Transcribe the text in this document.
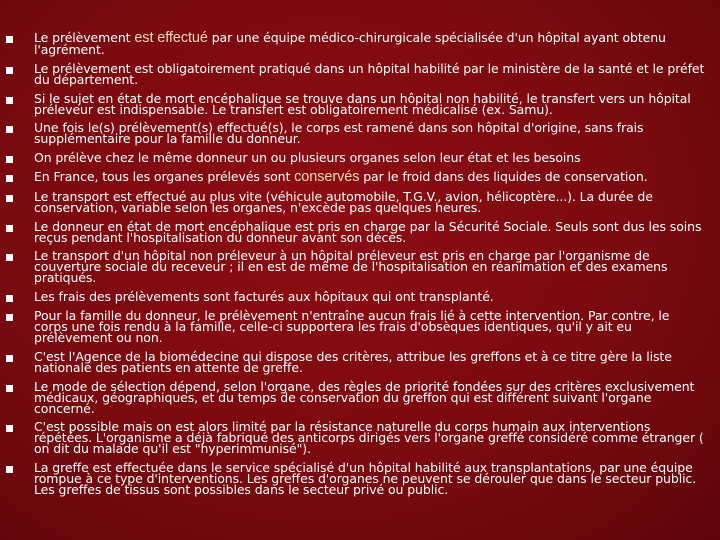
Le prélèvement est effectué par une équipe médico-chirurgicale spécialisée d'un hôpital ayant obtenu l'agrément.
Le prélèvement est obligatoirement pratiqué dans un hôpital habilité par le ministère de la santé et le préfet du département.
Si le sujet en état de mort encéphalique se trouve dans un hôpital non habilité, le transfert vers un hôpital préleveur est indispensable. Le transfert est obligatoirement médicalisé (ex. Samu).
Une fois le(s) prélèvement(s) effectué(s), le corps est ramené dans son hôpital d'origine, sans frais supplémentaire pour la famille du donneur.
On prélève chez le même donneur un ou plusieurs organes selon leur état et les besoins
En France, tous les organes prélevés sont conservés par le froid dans des liquides de conservation.
Le transport est effectué au plus vite (véhicule automobile, T.G.V., avion, hélicoptère...). La durée de conservation, variable selon les organes, n'excède pas quelques heures.
Le donneur en état de mort encéphalique est pris en charge par la Sécurité Sociale. Seuls sont dus les soins reçus pendant l'hospitalisation du donneur avant son décès.
Le transport d'un hôpital non préleveur à un hôpital préleveur est pris en charge par l'organisme de couverture sociale du receveur ; il en est de même de l'hospitalisation en réanimation et des examens pratiqués.
Les frais des prélèvements sont facturés aux hôpitaux qui ont transplanté.
Pour la famille du donneur, le prélèvement n'entraîne aucun frais lié à cette intervention. Par contre, le corps une fois rendu à la famille, celle-ci supportera les frais d'obsèques identiques, qu'il y ait eu prélèvement ou non.
C'est l'Agence de la biomédecine qui dispose des critères, attribue les greffons et à ce titre gère la liste nationale des patients en attente de greffe.
Le mode de sélection dépend, selon l'organe, des règles de priorité fondées sur des critères exclusivement médicaux, géographiques, et du temps de conservation du greffon qui est différent suivant l'organe concerné.
C'est possible mais on est alors limité par la résistance naturelle du corps humain aux interventions répétées. L'organisme a déjà fabriqué des anticorps dirigés vers l'organe greffé considéré comme étranger ( on dit du malade qu'il est "hyperimmunisé").
La greffe est effectuée dans le service spécialisé d'un hôpital habilité aux transplantations, par une équipe rompue à ce type d'interventions. Les greffes d'organes ne peuvent se dérouler que dans le secteur public. Les greffes de tissus sont possibles dans le secteur privé ou public.
